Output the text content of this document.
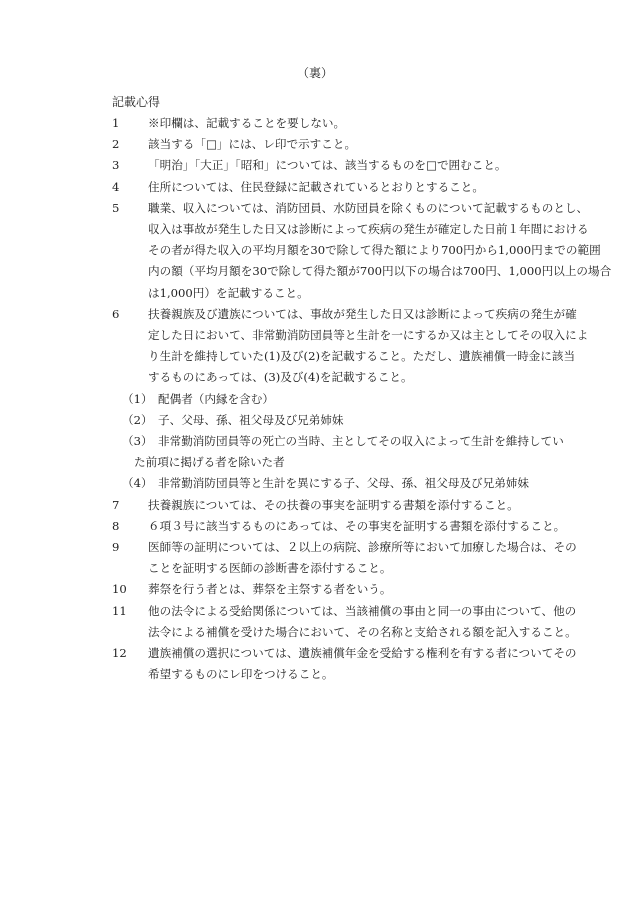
（裏）
記載心得
1	※印欄は、記載することを要しない。
2	該当する「□」には、レ印で示すこと。
3	「明治」「大正」「昭和」については、該当するものを□で囲むこと。
4	住所については、住民登録に記載されているとおりとすること。
5	職業、収入については、消防団員、水防団員を除くものについて記載するものとし、
収入は事故が発生した日又は診断によって疾病の発生が確定した日前１年間における
その者が得た収入の平均月額を30で除して得た額により700円から1,000円までの範囲
内の額（平均月額を30で除して得た額が700円以下の場合は700円、1,000円以上の場合
は1,000円）を記載すること。
6	扶養親族及び遺族については、事故が発生した日又は診断によって疾病の発生が確
定した日において、非常勤消防団員等と生計を一にするか又は主としてその収入によ
り生計を維持していた(1)及び(2)を記載すること。ただし、遺族補償一時金に該当
するものにあっては、(3)及び(4)を記載すること。
（1） 配偶者（内縁を含む）
（2） 子、父母、孫、祖父母及び兄弟姉妹
（3） 非常勤消防団員等の死亡の当時、主としてその収入によって生計を維持してい
た前項に掲げる者を除いた者
（4） 非常勤消防団員等と生計を異にする子、父母、孫、祖父母及び兄弟姉妹
7	扶養親族については、その扶養の事実を証明する書類を添付すること。
8	６項３号に該当するものにあっては、その事実を証明する書類を添付すること。
9	医師等の証明については、２以上の病院、診療所等において加療した場合は、その
ことを証明する医師の診断書を添付すること。
10	葬祭を行う者とは、葬祭を主祭する者をいう。
11	他の法令による受給関係については、当該補償の事由と同一の事由について、他の
法令による補償を受けた場合において、その名称と支給される額を記入すること。
12	遺族補償の選択については、遺族補償年金を受給する権利を有する者についてその
希望するものにレ印をつけること。
